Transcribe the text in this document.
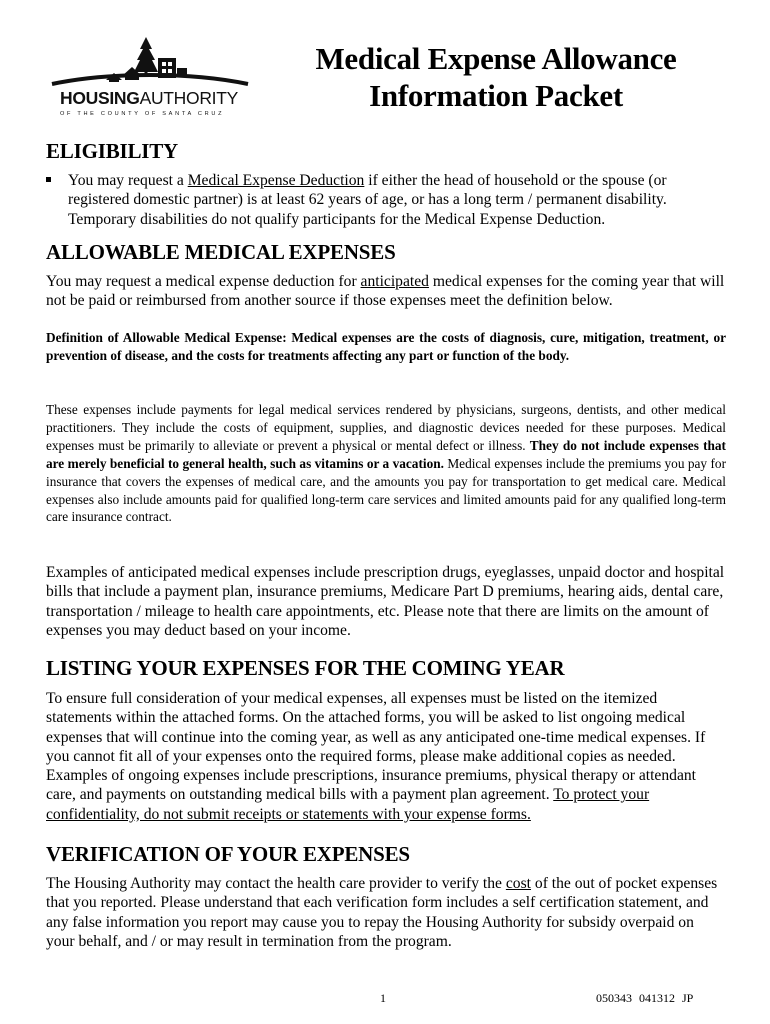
HOUSINGAUTHORITY
OF THE COUNTY OF SANTA CRUZ
Medical Expense Allowance
Information Packet
ELIGIBILITY
You may request a Medical Expense Deduction if either the head of household or the spouse (or registered domestic partner) is at least 62 years of age, or has a long term / permanent disability. Temporary disabilities do not qualify participants for the Medical Expense Deduction.
ALLOWABLE MEDICAL EXPENSES

You may request a medical expense deduction for anticipated medical expenses for the coming year that will not be paid or reimbursed from another source if those expenses meet the definition below.

Definition of Allowable Medical Expense: Medical expenses are the costs of diagnosis, cure, mitigation, treatment, or prevention of disease, and the costs for treatments affecting any part or function of the body.

These expenses include payments for legal medical services rendered by physicians, surgeons, dentists, and other medical practitioners. They include the costs of equipment, supplies, and diagnostic devices needed for these purposes. Medical expenses must be primarily to alleviate or prevent a physical or mental defect or illness. They do not include expenses that are merely beneficial to general health, such as vitamins or a vacation. Medical expenses include the premiums you pay for insurance that covers the expenses of medical care, and the amounts you pay for transportation to get medical care. Medical expenses also include amounts paid for qualified long-term care services and limited amounts paid for any qualified long-term care insurance contract.

Examples of anticipated medical expenses include prescription drugs, eyeglasses, unpaid doctor and hospital bills that include a payment plan, insurance premiums, Medicare Part D premiums, hearing aids, dental care, transportation / mileage to health care appointments, etc. Please note that there are limits on the amount of expenses you may deduct based on your income.

LISTING YOUR EXPENSES FOR THE COMING YEAR

To ensure full consideration of your medical expenses, all expenses must be listed on the itemized statements within the attached forms. On the attached forms, you will be asked to list ongoing medical expenses that will continue into the coming year, as well as any anticipated one-time medical expenses. If you cannot fit all of your expenses onto the required forms, please make additional copies as needed. Examples of ongoing expenses include prescriptions, insurance premiums, physical therapy or attendant care, and payments on outstanding medical bills with a payment plan agreement. To protect your confidentiality, do not submit receipts or statements with your expense forms.

VERIFICATION OF YOUR EXPENSES

The Housing Authority may contact the health care provider to verify the cost of the out of pocket expenses that you reported. Please understand that each verification form includes a self certification statement, and any false information you report may cause you to repay the Housing Authority for subsidy overpaid on your behalf, and / or may result in termination from the program.

1	050343 041312 JP
